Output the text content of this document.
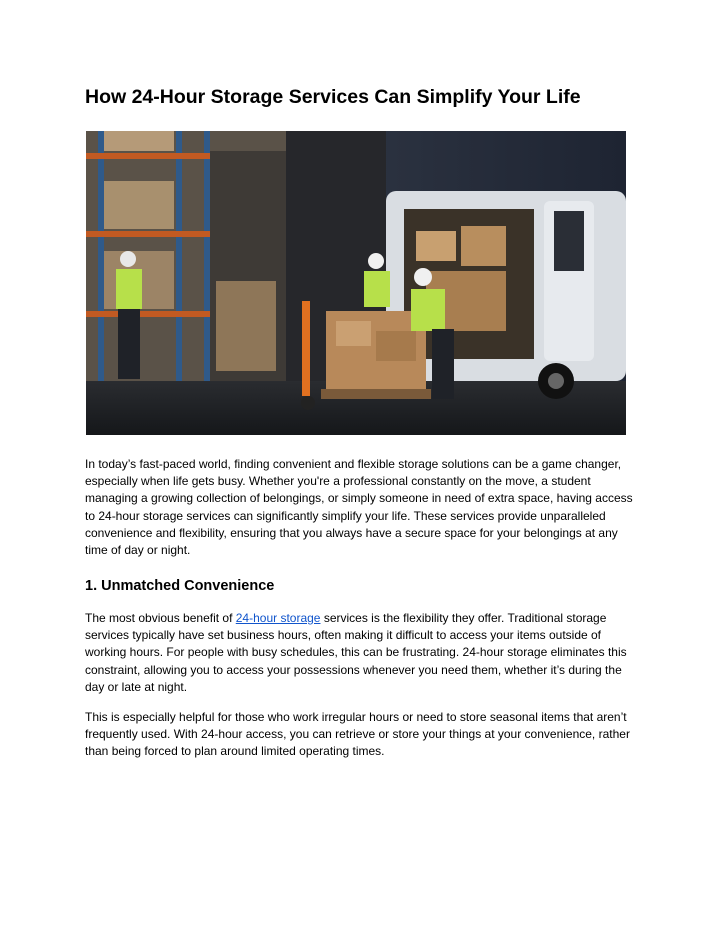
How 24-Hour Storage Services Can Simplify Your Life

In today’s fast-paced world, finding convenient and flexible storage solutions can be a game changer, especially when life gets busy. Whether you're a professional constantly on the move, a student managing a growing collection of belongings, or simply someone in need of extra space, having access to 24-hour storage services can significantly simplify your life. These services provide unparalleled convenience and flexibility, ensuring that you always have a secure space for your belongings at any time of day or night.

1. Unmatched Convenience

The most obvious benefit of 24-hour storage services is the flexibility they offer. Traditional storage services typically have set business hours, often making it difficult to access your items outside of working hours. For people with busy schedules, this can be frustrating. 24-hour storage eliminates this constraint, allowing you to access your possessions whenever you need them, whether it’s during the day or late at night.

This is especially helpful for those who work irregular hours or need to store seasonal items that aren’t frequently used. With 24-hour access, you can retrieve or store your things at your convenience, rather than being forced to plan around limited operating times.
